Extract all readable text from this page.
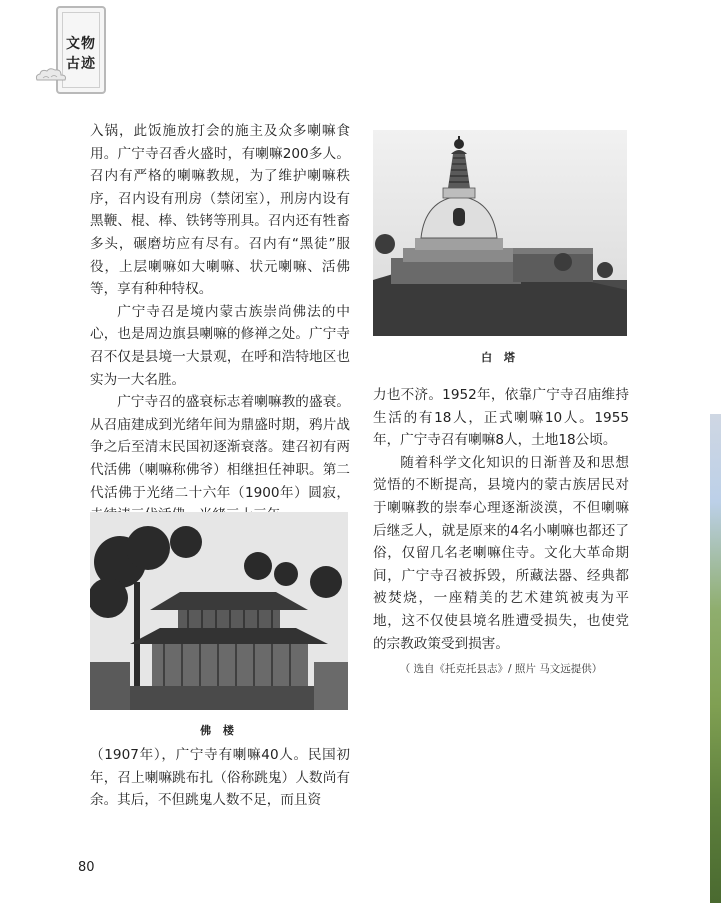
文物
古迹

入锅，此饭施放打会的施主及众多喇嘛食用。广宁寺召香火盛时，有喇嘛200多人。召内有严格的喇嘛教规，为了维护喇嘛秩序，召内设有刑房（禁闭室），刑房内设有黑鞭、棍、棒、铁铐等刑具。召内还有牲畜多头，碾磨坊应有尽有。召内有“黑徒”服役，上层喇嘛如大喇嘛、状元喇嘛、活佛等，享有种种特权。

广宁寺召是境内蒙古族崇尚佛法的中心，也是周边旗县喇嘛的修禅之处。广宁寺召不仅是县境一大景观，在呼和浩特地区也实为一大名胜。

广宁寺召的盛衰标志着喇嘛教的盛衰。从召庙建成到光绪年间为鼎盛时期，鸦片战争之后至清末民国初逐渐衰落。建召初有两代活佛（喇嘛称佛爷）相继担任神职。第二代活佛于光绪二十六年（1900年）圆寂，

白 塔

力也不济。1952年，依靠广宁寺召庙维持生活的有18人，正式喇嘛10人。1955年，广宁寺召有喇嘛8人，土地18公顷。

随着科学文化知识的日渐普及和思想觉悟的不断提高，县境内的蒙古族居民对于喇嘛教的崇奉心理逐渐淡漠，不但喇嘛后继乏人，就是原来的4名小喇嘛也都还了俗，仅留几名老喇嘛住寺。文化大革命期间，广宁寺召被拆毁，所藏法器、经典都被焚烧，一座精美的艺术建筑被夷为平地，这不仅使县境名胜遭受损失，也使党的宗教政策受到损害。

（ 选自《托克托县志》/ 照片 马文远提供）
佛 楼

（1907年），广宁寺有喇嘛40人。民国初年，召上喇嘛跳布扎（俗称跳鬼）人数尚有余。其后，不但跳鬼人数不足，而且资

80
